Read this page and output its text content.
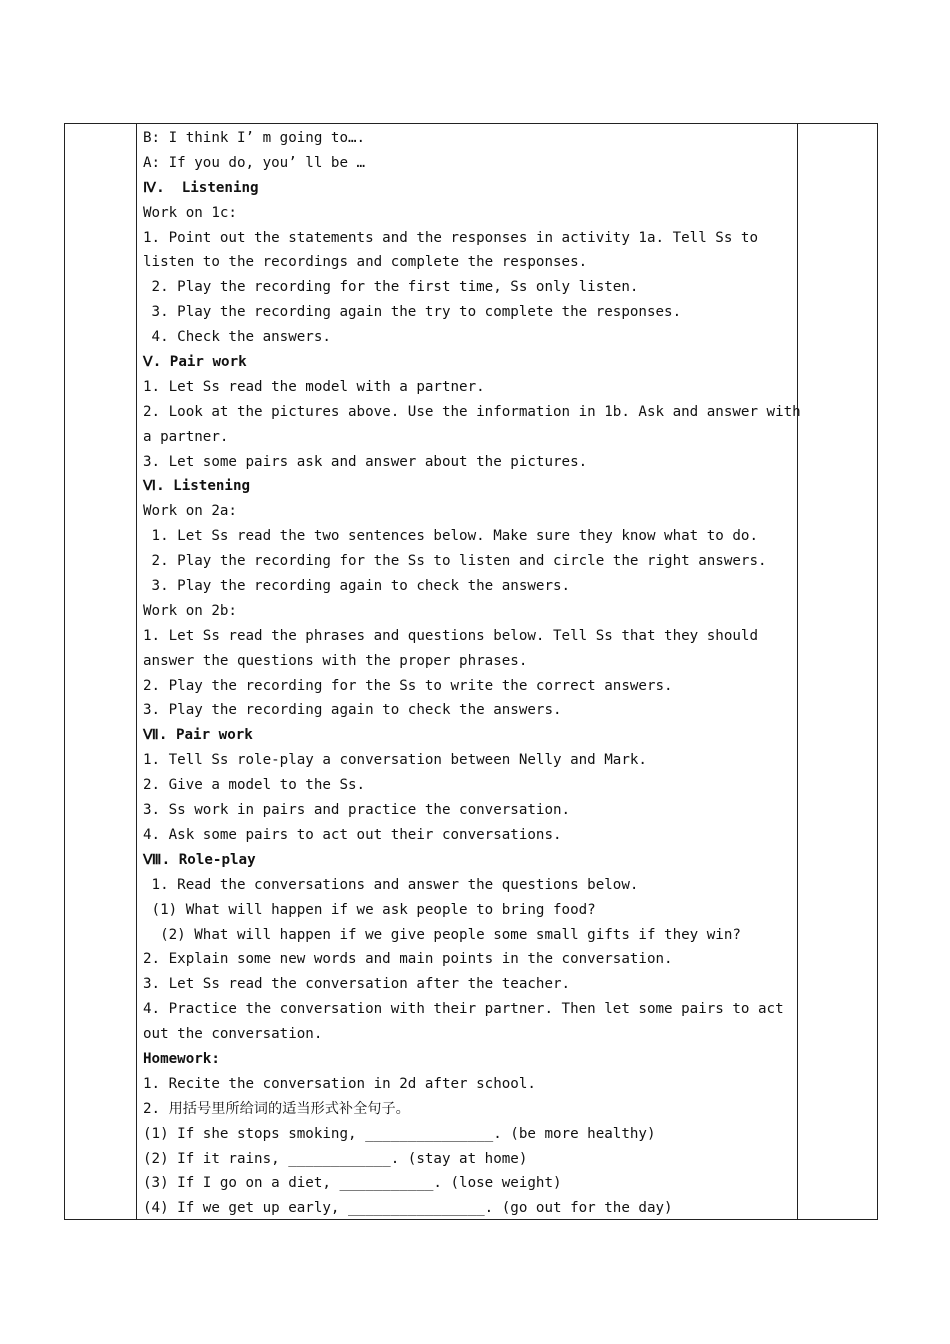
B: I think I’ m going to….
A: If you do, you’ ll be …
Ⅳ.  Listening
Work on 1c:
1. Point out the statements and the responses in activity 1a. Tell Ss to
listen to the recordings and complete the responses.
2. Play the recording for the first time, Ss only listen.
3. Play the recording again the try to complete the responses.
4. Check the answers.
Ⅴ. Pair work
1. Let Ss read the model with a partner.
2. Look at the pictures above. Use the information in 1b. Ask and answer with
a partner.
3. Let some pairs ask and answer about the pictures.
Ⅵ. Listening
Work on 2a:
1. Let Ss read the two sentences below. Make sure they know what to do.
2. Play the recording for the Ss to listen and circle the right answers.
3. Play the recording again to check the answers.
Work on 2b:
1. Let Ss read the phrases and questions below. Tell Ss that they should
answer the questions with the proper phrases.
2. Play the recording for the Ss to write the correct answers.
3. Play the recording again to check the answers.
Ⅶ. Pair work
1. Tell Ss role-play a conversation between Nelly and Mark.
2. Give a model to the Ss.
3. Ss work in pairs and practice the conversation.
4. Ask some pairs to act out their conversations.
Ⅷ. Role-play
1. Read the conversations and answer the questions below.
(1) What will happen if we ask people to bring food?
(2) What will happen if we give people some small gifts if they win?
2. Explain some new words and main points in the conversation.
3. Let Ss read the conversation after the teacher.
4. Practice the conversation with their partner. Then let some pairs to act
out the conversation.
Homework:
1. Recite the conversation in 2d after school.
2. 用括号里所给词的适当形式补全句子。
(1) If she stops smoking, _______________. (be more healthy)
(2) If it rains, ____________. (stay at home)
(3) If I go on a diet, ___________. (lose weight)
(4) If we get up early, ________________. (go out for the day)
